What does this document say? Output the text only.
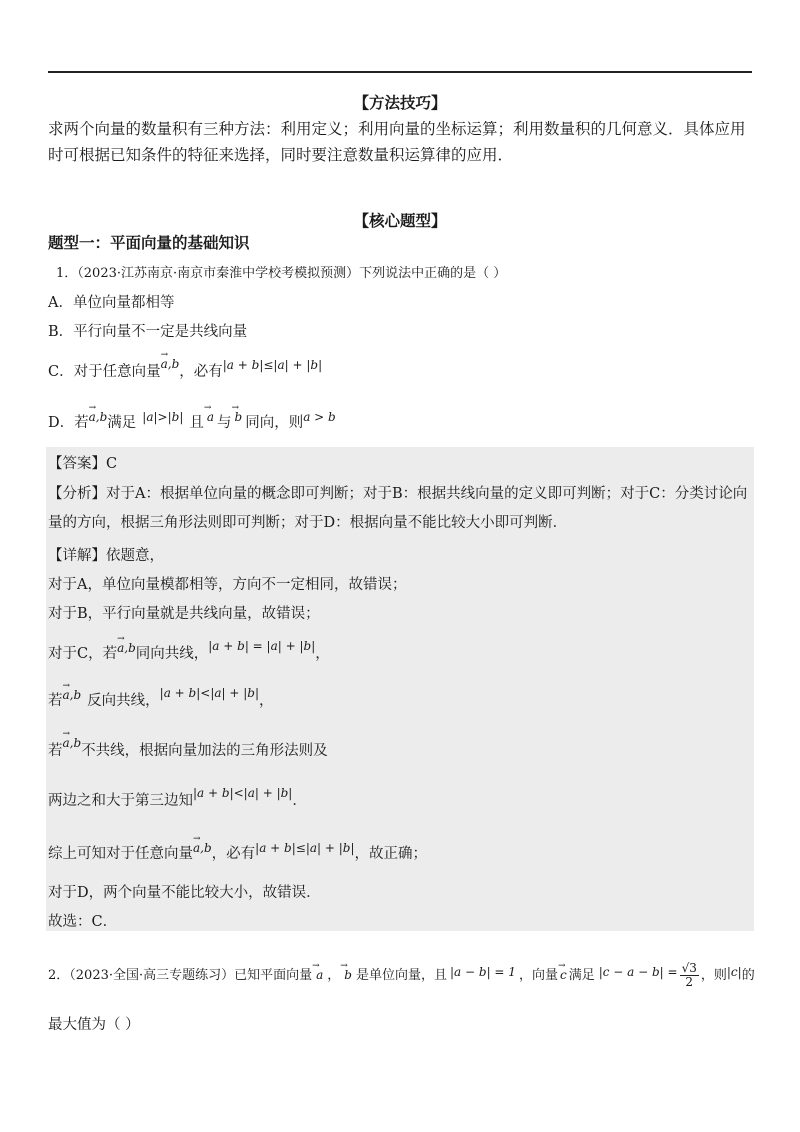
【方法技巧】
求两个向量的数量积有三种方法：利用定义；利用向量的坐标运算；利用数量积的几何意义．具体应用时可根据已知条件的特征来选择，同时要注意数量积运算律的应用．
【核心题型】
题型一：平面向量的基础知识
1．（2023·江苏南京·南京市秦淮中学校考模拟预测）下列说法中正确的是（ ）
A．单位向量都相等
B．平行向量不一定是共线向量
C．对于任意向量→ a,b，必有$^{|a + b|\le|a| + |b|}$
D．若→ a,b满足 $^{|a|>|b|}$ 且 → a 与 → b 同向，则$^{a > b}$
【答案】C
【分析】对于A：根据单位向量的概念即可判断；对于B：根据共线向量的定义即可判断；对于C：分类讨论向量的方向，根据三角形法则即可判断；对于D：根据向量不能比较大小即可判断．
【详解】依题意，
对于A，单位向量模都相等，方向不一定相同，故错误；
对于B，平行向量就是共线向量，故错误；
对于C，若→ a,b同向共线，$^{|a + b| = |a| + |b|}$，
若→ a,b 反向共线，$^{|a + b|<|a| + |b|}$，
若→ a,b不共线，根据向量加法的三角形法则及
两边之和大于第三边知$^{|a + b|<|a| + |b|}$．
综上可知对于任意向量→ a,b，必有$^{|a + b|\le|a| + |b|}$，故正确；
对于D，两个向量不能比较大小，故错误．
故选：C．
2．（2023·全国·高三专题练习）已知平面向量 → a ， → b 是单位向量，且 |a − b| = 1 ，向量 → c 满足 $|c - a - b| = \frac{√3}{2}$ ，则|c|的
最大值为（ ）
